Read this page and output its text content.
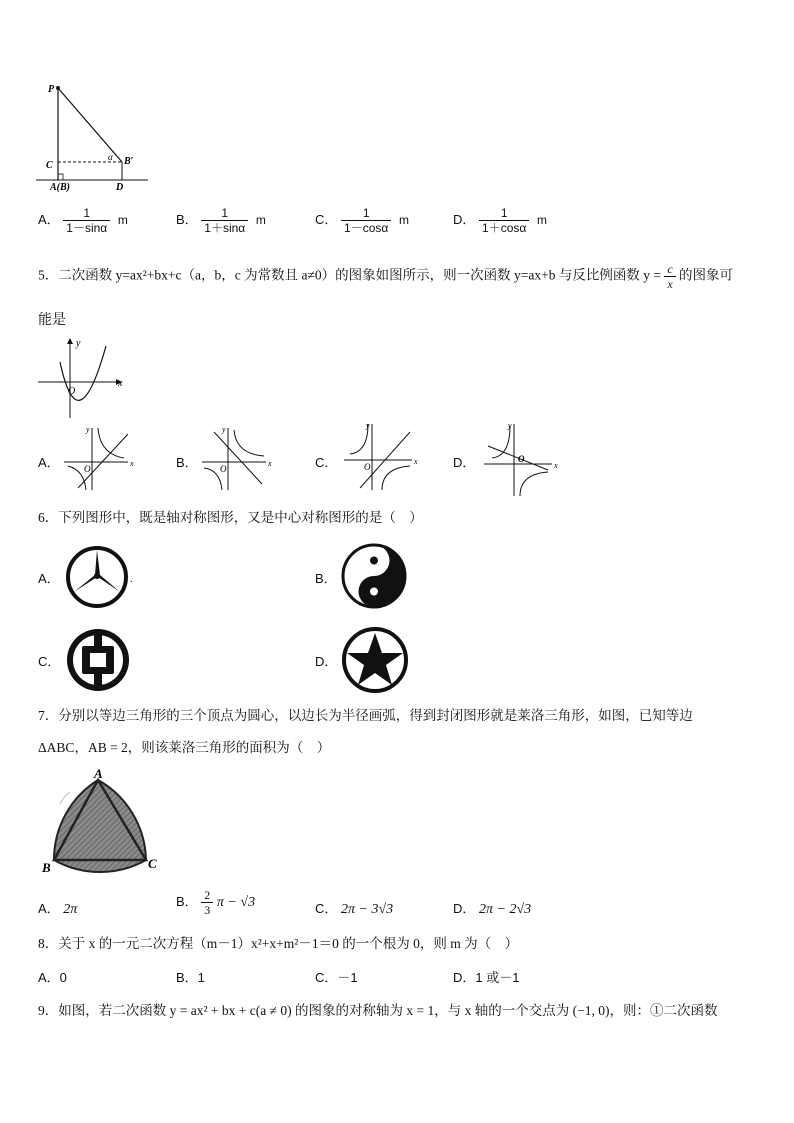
P
C
A(B)	D
B′
α
A． $\frac{1}{1-\sin\alpha}$ m	B． $\frac{1}{1+\sin\alpha}$ m	C． $\frac{1}{1-\cos\alpha}$ m	D． $\frac{1}{1+\cos\alpha}$ m
5．二次函数 y=ax²+bx+c（a，b，c 为常数且 a≠0）的图象如图所示，则一次函数 y=ax+b 与反比例函数 $y = \frac{c}{x}$ 的图象可
能是
y
x
O
A．	B．	C．	D．
x
y
O
x
y
O
x
y
O	x
y
O
6．下列图形中，既是轴对称图形，又是中心对称图形的是（　）
A．	.	B．
C．	D．
7．分别以等边三角形的三个顶点为圆心，以边长为半径画弧，得到封闭图形就是莱洛三角形，如图，已知等边
ΔABC，AB = 2，则该莱洛三角形的面积为（　）
A
B	C
A． 2π
B． $\frac{2}{3}$ π − √3	C． 2π − 3√3	D． 2π − 2√3
8．关于 x 的一元二次方程（m－1）x²+x+m²－1＝0 的一个根为 0，则 m 为（　）
A．0	B．1	C．－1	D．1 或－1
9．如图，若二次函数 y = ax² + bx + c(a ≠ 0) 的图象的对称轴为 x = 1，与 x 轴的一个交点为 (−1, 0)，则：①二次函数
